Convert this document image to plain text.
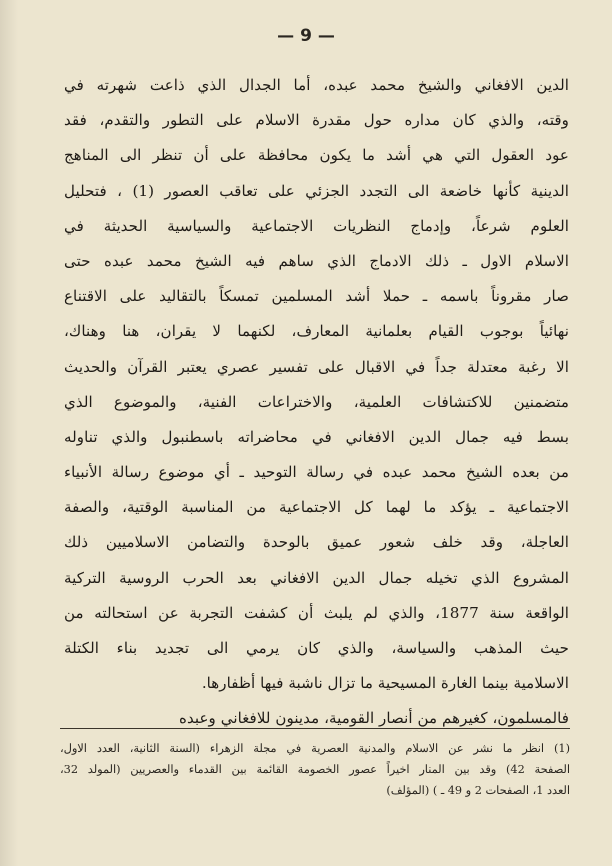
— 9 —
الدين الافغاني والشيخ محمد عبده، أما الجدال الذي ذاعت شهرته في
وقته، والذي كان مداره حول مقدرة الاسلام على التطور والتقدم، فقد
عود العقول التي هي أشد ما يكون محافظة على أن تنظر الى المناهج
الدينية كأنها خاضعة الى التجدد الجزئي على تعاقب العصور (1) ، فتحليل
العلوم شرعاً، وإدماج النظريات الاجتماعية والسياسية الحديثة في
الاسلام الاول ـ ذلك الادماج الذي ساهم فيه الشيخ محمد عبده حتى
صار مقروناً باسمه ـ حملا أشد المسلمين تمسكاً بالتقاليد على الاقتناع
نهائياً بوجوب القيام بعلمانية المعارف، لكنهما لا يقران، هنا وهناك،
الا رغبة معتدلة جداً في الاقبال على تفسير عصري يعتبر القرآن والحديث
متضمنين للاكتشافات العلمية، والاختراعات الفنية، والموضوع الذي
بسط فيه جمال الدين الافغاني في محاضراته باسطنبول والذي تناوله
من بعده الشيخ محمد عبده في رسالة التوحيد ـ أي موضوع رسالة الأنبياء
الاجتماعية ـ يؤكد ما لهما كل الاجتماعية من المناسبة الوقتية، والصفة
العاجلة، وقد خلف شعور عميق بالوحدة والتضامن الاسلاميين ذلك
المشروع الذي تخيله جمال الدين الافغاني بعد الحرب الروسية التركية
الواقعة سنة 1877، والذي لم يلبث أن كشفت التجربة عن استحالته من
حيث المذهب والسياسة، والذي كان يرمي الى تجديد بناء الكتلة
الاسلامية بينما الغارة المسيحية ما تزال ناشبة فيها أظفارها.
فالمسلمون، كغيرهم من أنصار القومية، مدينون للافغاني وعبده
(1) انظر ما نشر عن الاسلام والمدنية العصرية في مجلة الزهراء (السنة الثانية، العدد الاول،
الصفحة 42) وقد بين المنار اخيراً عصور الخصومة القائمة بين القدماء والعصريين (المولد 32،
العدد 1، الصفحات 2 و 49 ـ ) (المؤلف)
